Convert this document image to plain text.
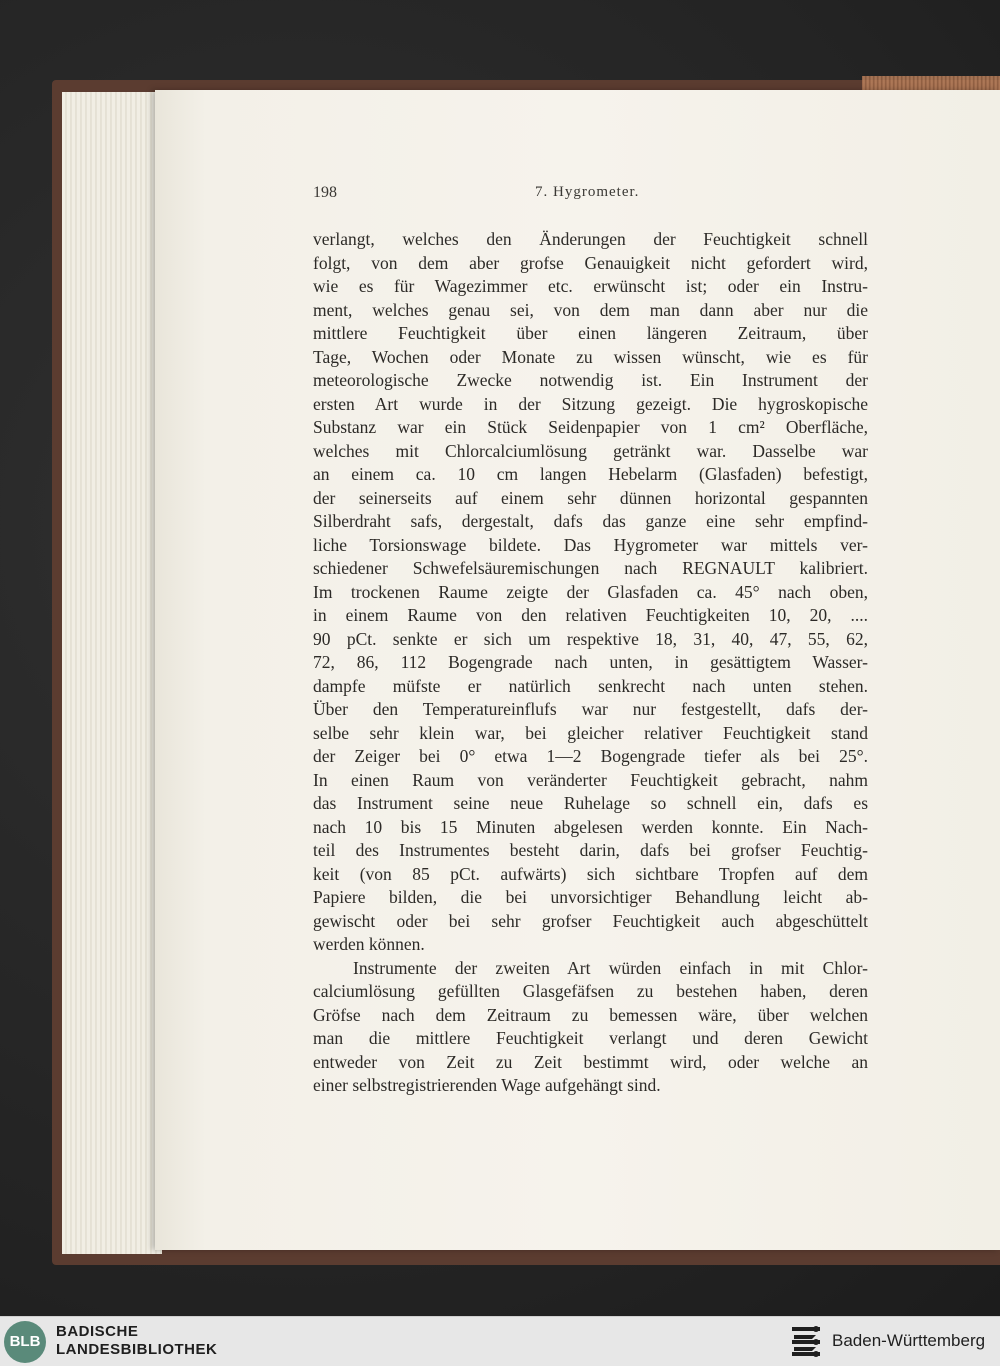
198	7. Hygrometer.
verlangt, welches den Änderungen der Feuchtigkeit schnell
folgt, von dem aber grofse Genauigkeit nicht gefordert wird,
wie es für Wagezimmer etc. erwünscht ist; oder ein Instru-
ment, welches genau sei, von dem man dann aber nur die
mittlere Feuchtigkeit über einen längeren Zeitraum, über
Tage, Wochen oder Monate zu wissen wünscht, wie es für
meteorologische Zwecke notwendig ist. Ein Instrument der
ersten Art wurde in der Sitzung gezeigt. Die hygroskopische
Substanz war ein Stück Seidenpapier von 1 cm² Oberfläche,
welches mit Chlorcalciumlösung getränkt war. Dasselbe war
an einem ca. 10 cm langen Hebelarm (Glasfaden) befestigt,
der seinerseits auf einem sehr dünnen horizontal gespannten
Silberdraht safs, dergestalt, dafs das ganze eine sehr empfind-
liche Torsionswage bildete. Das Hygrometer war mittels ver-
schiedener Schwefelsäuremischungen nach REGNAULT kalibriert.
Im trockenen Raume zeigte der Glasfaden ca. 45° nach oben,
in einem Raume von den relativen Feuchtigkeiten 10, 20, ....
90 pCt. senkte er sich um respektive 18, 31, 40, 47, 55, 62,
72, 86, 112 Bogengrade nach unten, in gesättigtem Wasser-
dampfe müfste er natürlich senkrecht nach unten stehen.
Über den Temperatureinflufs war nur festgestellt, dafs der-
selbe sehr klein war, bei gleicher relativer Feuchtigkeit stand
der Zeiger bei 0° etwa 1—2 Bogengrade tiefer als bei 25°.
In einen Raum von veränderter Feuchtigkeit gebracht, nahm
das Instrument seine neue Ruhelage so schnell ein, dafs es
nach 10 bis 15 Minuten abgelesen werden konnte. Ein Nach-
teil des Instrumentes besteht darin, dafs bei grofser Feuchtig-
keit (von 85 pCt. aufwärts) sich sichtbare Tropfen auf dem
Papiere bilden, die bei unvorsichtiger Behandlung leicht ab-
gewischt oder bei sehr grofser Feuchtigkeit auch abgeschüttelt
werden können.
Instrumente der zweiten Art würden einfach in mit Chlor-
calciumlösung gefüllten Glasgefäfsen zu bestehen haben, deren
Gröfse nach dem Zeitraum zu bemessen wäre, über welchen
man die mittlere Feuchtigkeit verlangt und deren Gewicht
entweder von Zeit zu Zeit bestimmt wird, oder welche an
einer selbstregistrierenden Wage aufgehängt sind.
BLB
BADISCHE
LANDESBIBLIOTHEK	Baden-Württemberg
